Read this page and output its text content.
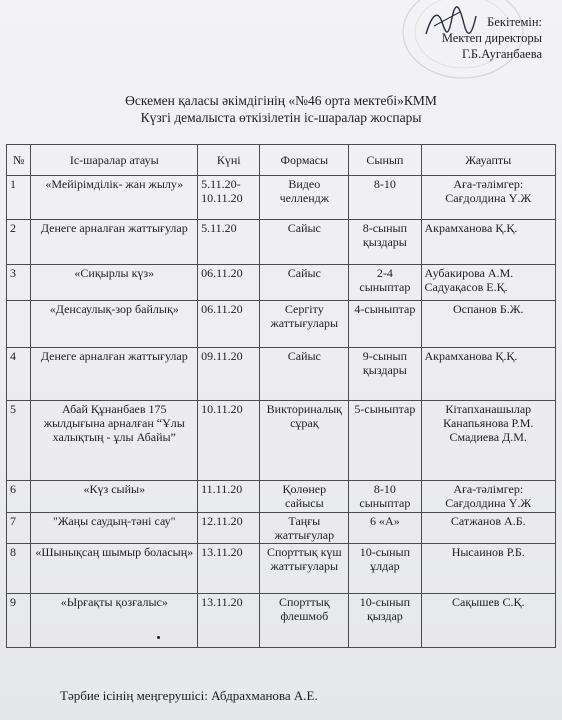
Бекітемін:
Мектеп директоры
Г.Б.Ауганбаева
Өскемен қаласы әкімдігінің «№46 орта мектебі»КММ
Күзгі демалыста өткізілетін іс-шаралар жоспары
№	Іс-шаралар атауы	Күні	Формасы	Сынып	Жауапты
1	«Мейірімділік- жан жылу»	5.11.20-10.11.20	Видео челлендж	8-10	Аға-тәлімгер: Сағдолдина Ү.Ж
2	Денеге арналған жаттығулар	5.11.20	Сайыс	8-сынып қыздары	Акрамханова Қ.Қ.
3	«Сиқырлы күз»	06.11.20	Сайыс	2-4 сыныптар	Аубакирова А.М. Садуақасов Е.Қ.
	«Денсаулық-зор байлық»	06.11.20	Сергіту жаттығулары	4-сыныптар	Оспанов Б.Ж.
4	Денеге арналған жаттығулар	09.11.20	Сайыс	9-сынып қыздары	Акрамханова Қ.Қ.
5	Абай Құнанбаев 175 жылдығына арналған “Ұлы халықтың - ұлы Абайы”	10.11.20	Викториналық сұрақ	5-сыныптар	Кітапханашылар Канапьянова Р.М. Смадиева Д.М.
6	«Күз сыйы»	11.11.20	Қолөнер сайысы	8-10 сыныптар	Аға-тәлімгер: Сағдолдина Ү.Ж
7	"Жаңы саудың-тәні сау"	12.11.20	Таңғы жаттығулар	6 «А»	Сатжанов А.Б.
8	«Шынықсаң шымыр боласың»	13.11.20	Спорттық күш жаттығулары	10-сынып ұлдар	Нысаинов Р.Б.
9	«Ырғақты қозғалыс»	13.11.20	Спорттық флешмоб	10-сынып қыздар	Сақышев С.Қ.
Тәрбие ісінің меңгерушісі: Абдрахманова А.Е.
